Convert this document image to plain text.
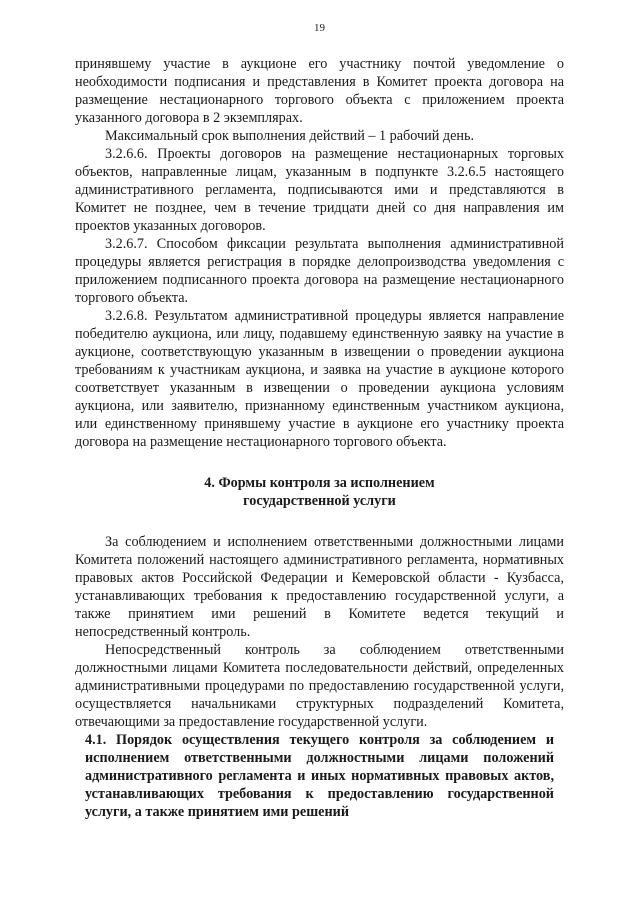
19

принявшему участие в аукционе его участнику почтой уведомление о необходимости подписания и представления в Комитет проекта договора на размещение нестационарного торгового объекта с приложением проекта указанного договора в 2 экземплярах.

Максимальный срок выполнения действий – 1 рабочий день.

3.2.6.6. Проекты договоров на размещение нестационарных торговых объектов, направленные лицам, указанным в подпункте 3.2.6.5 настоящего административного регламента, подписываются ими и представляются в Комитет не позднее, чем в течение тридцати дней со дня направления им проектов указанных договоров.

3.2.6.7. Способом фиксации результата выполнения административной процедуры является регистрация в порядке делопроизводства уведомления с приложением подписанного проекта договора на размещение нестационарного торгового объекта.

3.2.6.8. Результатом административной процедуры является направление победителю аукциона, или лицу, подавшему единственную заявку на участие в аукционе, соответствующую указанным в извещении о проведении аукциона требованиям к участникам аукциона, и заявка на участие в аукционе которого соответствует указанным в извещении о проведении аукциона условиям аукциона, или заявителю, признанному единственным участником аукциона, или единственному принявшему участие в аукционе его участнику проекта договора на размещение нестационарного торгового объекта.

4. Формы контроля за исполнением
государственной услуги

За соблюдением и исполнением ответственными должностными лицами Комитета положений настоящего административного регламента, нормативных правовых актов Российской Федерации и Кемеровской области - Кузбасса, устанавливающих требования к предоставлению государственной услуги, а также принятием ими решений в Комитете ведется текущий и непосредственный контроль.

Непосредственный контроль за соблюдением ответственными должностными лицами Комитета последовательности действий, определенных административными процедурами по предоставлению государственной услуги, осуществляется начальниками структурных подразделений Комитета, отвечающими за предоставление государственной услуги.

4.1. Порядок осуществления текущего контроля за соблюдением и исполнением ответственными должностными лицами положений административного регламента и иных нормативных правовых актов, устанавливающих требования к предоставлению государственной услуги, а также принятием ими решений
